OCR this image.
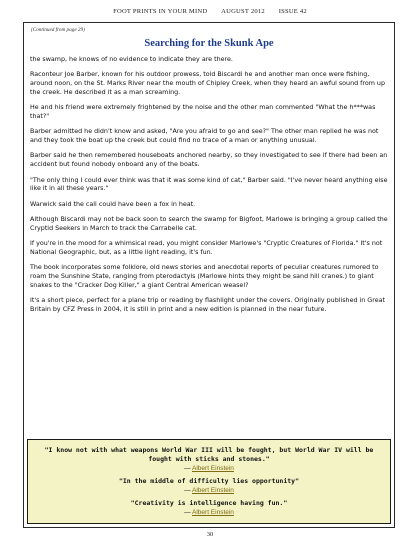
FOOT PRINTS IN YOUR MIND AUGUST 2012 ISSUE 42
(Continued from page 29)
Searching for the Skunk Ape

the swamp, he knows of no evidence to indicate they are there.

Raconteur Joe Barber, known for his outdoor prowess, told Biscardi he and another man once were fishing, around noon, on the St. Marks River near the mouth of Chipley Creek, when they heard an awful sound from up the creek. He described it as a man screaming.

He and his friend were extremely frightened by the noise and the other man commented "What the h***was that?"

Barber admitted he didn't know and asked, "Are you afraid to go and see?" The other man replied he was not and they took the boat up the creek but could find no trace of a man or anything unusual.

Barber said he then remembered houseboats anchored nearby, so they investigated to see if there had been an accident but found nobody onboard any of the boats.

"The only thing I could ever think was that it was some kind of cat," Barber said. "I've never heard anything else like it in all these years."

Warwick said the call could have been a fox in heat.

Although Biscardi may not be back soon to search the swamp for Bigfoot, Marlowe is bringing a group called the Cryptid Seekers in March to track the Carrabelle cat.

If you're in the mood for a whimsical read, you might consider Marlowe's "Cryptic Creatures of Florida." It's not National Geographic, but, as a little light reading, it's fun.

The book incorporates some folklore, old news stories and anecdotal reports of peculiar creatures rumored to roam the Sunshine State, ranging from pterodactyls (Marlowe hints they might be sand hill cranes.) to giant snakes to the "Cracker Dog Killer," a giant Central American weasel?

It's a short piece, perfect for a plane trip or reading by flashlight under the covers. Originally published in Great Britain by CFZ Press in 2004, it is still in print and a new edition is planned in the near future.

"I know not with what weapons World War III will be fought, but World War IV will be fought with sticks and stones."
— Albert Einstein
"In the middle of difficulty lies opportunity"
— Albert Einstein
"Creativity is intelligence having fun."
— Albert Einstein
30
